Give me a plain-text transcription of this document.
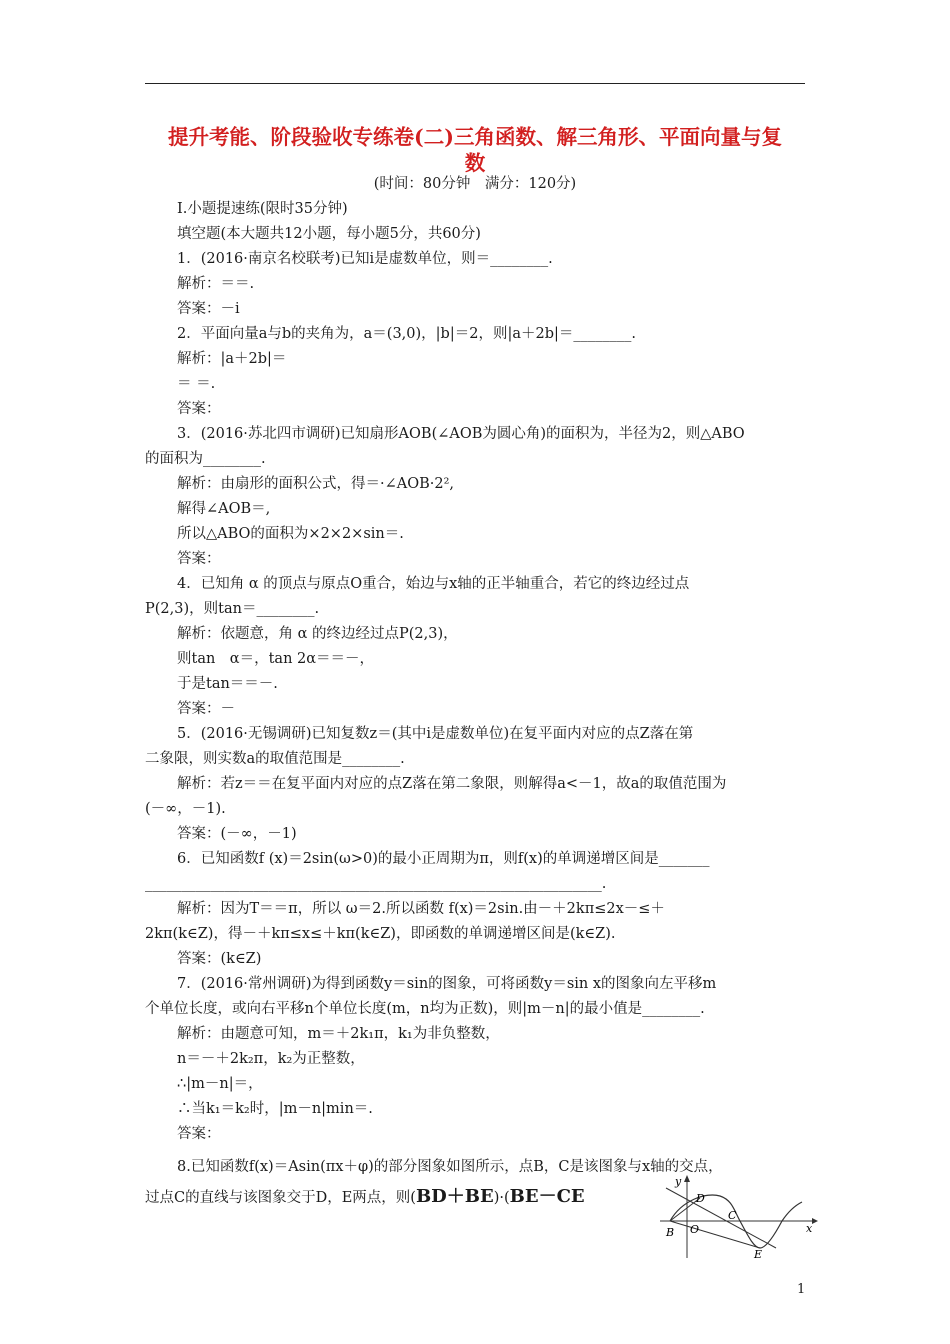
提升考能、阶段验收专练卷(二)三角函数、解三角形、平面向量与复
数
(时间：80分钟　满分：120分)
Ⅰ.小题提速练(限时35分钟)
填空题(本大题共12小题，每小题5分，共60分)
1．(2016·南京名校联考)已知i是虚数单位，则＝________.
解析：＝＝.
答案：－i
2．平面向量a与b的夹角为，a＝(3,0)，|b|＝2，则|a＋2b|＝________.
解析：|a＋2b|＝
＝ ＝.
答案：
3．(2016·苏北四市调研)已知扇形AOB(∠AOB为圆心角)的面积为，半径为2，则△ABO
的面积为________.
解析：由扇形的面积公式，得＝·∠AOB·2²,
解得∠AOB＝,
所以△ABO的面积为×2×2×sin＝.
答案：
4．已知角 α 的顶点与原点O重合，始边与x轴的正半轴重合，若它的终边经过点
P(2,3)，则tan＝________.
解析：依题意，角 α 的终边经过点P(2,3)，
则tan　α＝，tan 2α＝＝－，
于是tan＝＝－.
答案：－
5．(2016·无锡调研)已知复数z＝(其中i是虚数单位)在复平面内对应的点Z落在第
二象限，则实数a的取值范围是________.
解析：若z＝＝在复平面内对应的点Z落在第二象限，则解得a<－1，故a的取值范围为
(－∞，－1).
答案：(－∞，－1)
6．已知函数f (x)＝2sin(ω>0)的最小正周期为π，则f(x)的单调递增区间是_______
_______________________________________________________________.
解析：因为T＝＝π，所以 ω＝2.所以函数 f(x)＝2sin.由－＋2kπ≤2x－≤＋
2kπ(k∈Z)，得－＋kπ≤x≤＋kπ(k∈Z)，即函数的单调递增区间是(k∈Z).
答案：(k∈Z)
7．(2016·常州调研)为得到函数y＝sin的图象，可将函数y＝sin x的图象向左平移m
个单位长度，或向右平移n个单位长度(m，n均为正数)，则|m－n|的最小值是________.
解析：由题意可知，m＝＋2k₁π，k₁为非负整数，
n＝－＋2k₂π，k₂为正整数，
∴|m－n|＝，
∴当k₁＝k₂时，|m－n|min＝.
答案：
8.已知函数f(x)＝Asin(πx＋φ)的部分图象如图所示，点B，C是该图象与x轴的交点，
过点C的直线与该图象交于D，E两点，则(BD＋BE)·(BE－CE
y
D
O
C
B
E
x
1
